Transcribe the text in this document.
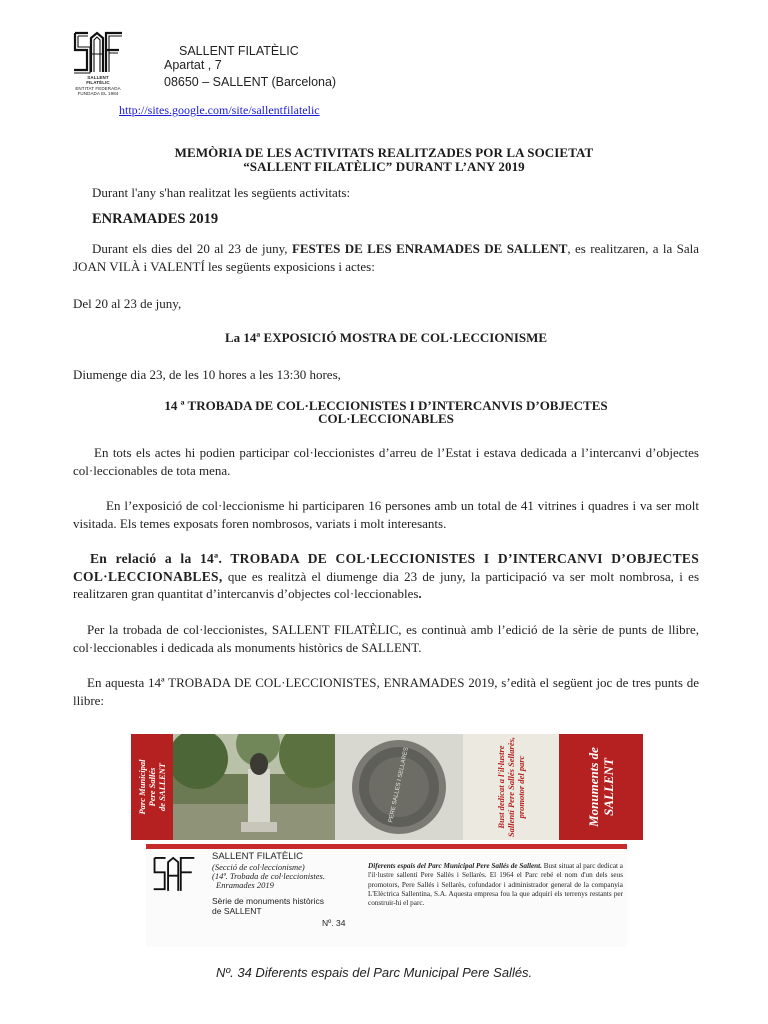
SALLENT
FILATÈLIC
ENTITAT FEDERADA
FUNDADA EL 1984
SALLENT FILATÈLIC
Apartat , 7
08650 – SALLENT (Barcelona)
http://sites.google.com/site/sallentfilatelic
MEMÒRIA DE LES ACTIVITATS REALITZADES POR LA SOCIETAT
“SALLENT FILATÈLIC” DURANT L’ANY 2019
Durant l'any s'han realitzat les següents activitats:
ENRAMADES 2019
Durant els dies del 20 al 23 de juny, FESTES DE LES ENRAMADES DE SALLENT, es realitzaren, a la Sala JOAN VILÀ i VALENTÍ les següents exposicions i actes:
Del 20 al 23 de juny,
La 14ª EXPOSICIÓ MOSTRA DE COL·LECCIONISME
Diumenge dia 23, de les 10 hores a les 13:30 hores,
14 ª TROBADA DE COL·LECCIONISTES I D’INTERCANVIS D’OBJECTES
COL·LECCIONABLES
En tots els actes hi podien participar col·leccionistes d’arreu de l’Estat i estava dedicada a l’intercanvi d’objectes col·leccionables de tota mena.
En l’exposició de col·leccionisme hi participaren 16 persones amb un total de 41 vitrines i quadres i va ser molt visitada. Els temes exposats foren nombrosos, variats i molt interesants.
En relació a la 14ª. TROBADA DE COL·LECCIONISTES I D’INTERCANVI D’OBJECTES COL·LECCIONABLES, que es realitzà el diumenge dia 23 de juny, la participació va ser molt nombrosa, i es realitzaren gran quantitat d’intercanvis d’objectes col·leccionables.
Per la trobada de col·leccionistes, SALLENT FILATÈLIC, es continuà amb l’edició de la sèrie de punts de llibre, col·leccionables i dedicada als monuments històrics de SALLENT.
En aquesta 14ª TROBADA DE COL·LECCIONISTES, ENRAMADES 2019, s’edità el següent joc de tres punts de llibre:
Parc Municipal Pere Sallés de SALLENT	PERE SALLES I SELLARES	Bust dedicat a l'il·lustre Sallentí Pere Sallés Sellarès, promotor del parc	Monuments de SALLENT
SALLENT FILATÈLIC
(Secció de col·leccionisme)
(14ª. Trobada de col·leccionistes.
Enramades 2019
Sèrie de monuments històrics
de SALLENT
Nº. 34
Diferents espais del Parc Municipal Pere Sallés de Sallent. Bust situat al parc dedicat a l'il·lustre sallentí Pere Sallès i Sellarès. El 1964 el Parc rebé el nom d'un dels seus promotors, Pere Sallés i Sellarès, cofundador i administrador general de la companyia L'Elèctrica Sallentina, S.A. Aquesta empresa fou la que adquirí els terrenys restants per construir-hi el parc.
Nº. 34 Diferents espais del Parc Municipal Pere Sallés.
